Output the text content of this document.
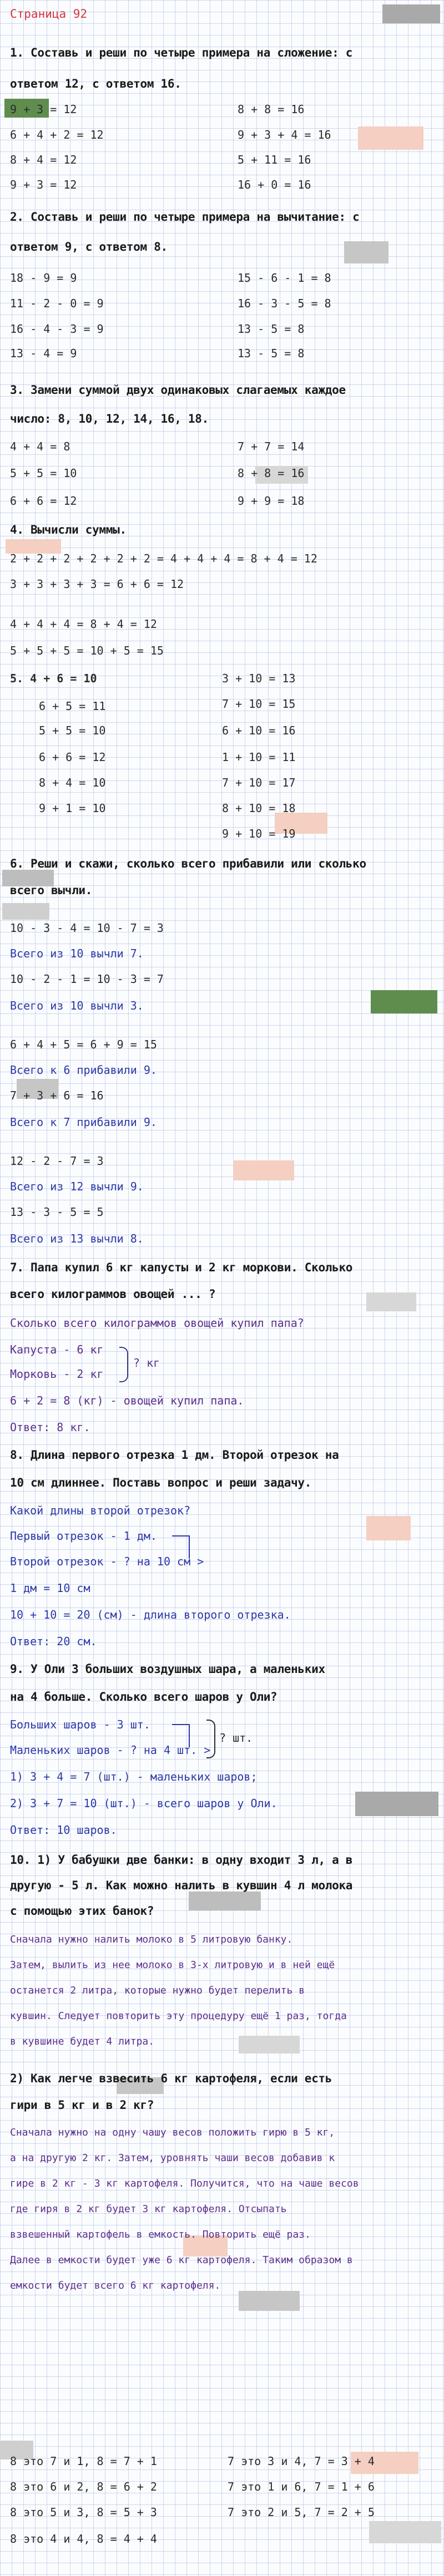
Страница 92
1. Составь и реши по четыре примера на сложение: с
ответом 12, с ответом 16.
9 + 3 = 12
6 + 4 + 2 = 12
8 + 4 = 12
9 + 3 = 12
8 + 8 = 16
9 + 3 + 4 = 16
5 + 11 = 16
16 + 0 = 16
2. Составь и реши по четыре примера на вычитание: с
ответом 9, с ответом 8.
18 - 9 = 9
11 - 2 - 0 = 9
16 - 4 - 3 = 9
13 - 4 = 9
15 - 6 - 1 = 8
16 - 3 - 5 = 8
13 - 5 = 8
13 - 5 = 8
3. Замени суммой двух одинаковых слагаемых каждое
число: 8, 10, 12, 14, 16, 18.
4 + 4 = 8
5 + 5 = 10
6 + 6 = 12
7 + 7 = 14
8 + 8 = 16
9 + 9 = 18
4. Вычисли суммы.
2 + 2 + 2 + 2 + 2 + 2 = 4 + 4 + 4 = 8 + 4 = 12
3 + 3 + 3 + 3 = 6 + 6 = 12
4 + 4 + 4 = 8 + 4 = 12
5 + 5 + 5 = 10 + 5 = 15
5. 4 + 6 = 10
6 + 5 = 11
5 + 5 = 10
6 + 6 = 12
8 + 4 = 10
9 + 1 = 10
3 + 10 = 13
7 + 10 = 15
6 + 10 = 16
1 + 10 = 11
7 + 10 = 17
8 + 10 = 18
9 + 10 = 19
6. Реши и скажи, сколько всего прибавили или сколько
всего вычли.
10 - 3 - 4 = 10 - 7 = 3
Всего из 10 вычли 7.
10 - 2 - 1 = 10 - 3 = 7
Всего из 10 вычли 3.
6 + 4 + 5 = 6 + 9 = 15
Всего к 6 прибавили 9.
7 + 3 + 6 = 16
Всего к 7 прибавили 9.
12 - 2 - 7 = 3
Всего из 12 вычли 9.
13 - 3 - 5 = 5
Всего из 13 вычли 8.
7. Папа купил 6 кг капусты и 2 кг моркови. Сколько
всего килограммов овощей ... ?
Сколько всего килограммов овощей купил папа?
Капуста - 6 кг
Морковь - 2 кг
? кг
6 + 2 = 8 (кг) - овощей купил папа.
Ответ: 8 кг.
8. Длина первого отрезка 1 дм. Второй отрезок на
10 см длиннее. Поставь вопрос и реши задачу.
Какой длины второй отрезок?
Первый отрезок - 1 дм.
Второй отрезок - ? на 10 см >
1 дм = 10 см
10 + 10 = 20 (см) - длина второго отрезка.
Ответ: 20 см.
9. У Оли 3 больших воздушных шара, а маленьких
на 4 больше. Сколько всего шаров у Оли?
Больших шаров - 3 шт.
Маленьких шаров - ? на 4 шт. >
? шт.
1) 3 + 4 = 7 (шт.) - маленьких шаров;
2) 3 + 7 = 10 (шт.) - всего шаров у Оли.
Ответ: 10 шаров.
10. 1) У бабушки две банки: в одну входит 3 л, а в
другую - 5 л. Как можно налить в кувшин 4 л молока
с помощью этих банок?
Сначала нужно налить молоко в 5 литровую банку.
Затем, вылить из нее молоко в 3-х литровую и в ней ещё
останется 2 литра, которые нужно будет перелить в
кувшин. Следует повторить эту процедуру ещё 1 раз, тогда
в кувшине будет 4 литра.
2) Как легче взвесить 6 кг картофеля, если есть
гири в 5 кг и в 2 кг?
Сначала нужно на одну чашу весов положить гирю в 5 кг,
а на другую 2 кг. Затем, уровнять чаши весов добавив к
гире в 2 кг - 3 кг картофеля. Получится, что на чаше весов
где гиря в 2 кг будет 3 кг картофеля. Отсыпать
взвешенный картофель в емкость. Повторить ещё раз.
Далее в емкости будет уже 6 кг картофеля. Таким образом в
емкости будет всего 6 кг картофеля.
8 это 7 и 1, 8 = 7 + 1
8 это 6 и 2, 8 = 6 + 2
8 это 5 и 3, 8 = 5 + 3
8 это 4 и 4, 8 = 4 + 4
7 это 3 и 4, 7 = 3 + 4
7 это 1 и 6, 7 = 1 + 6
7 это 2 и 5, 7 = 2 + 5
